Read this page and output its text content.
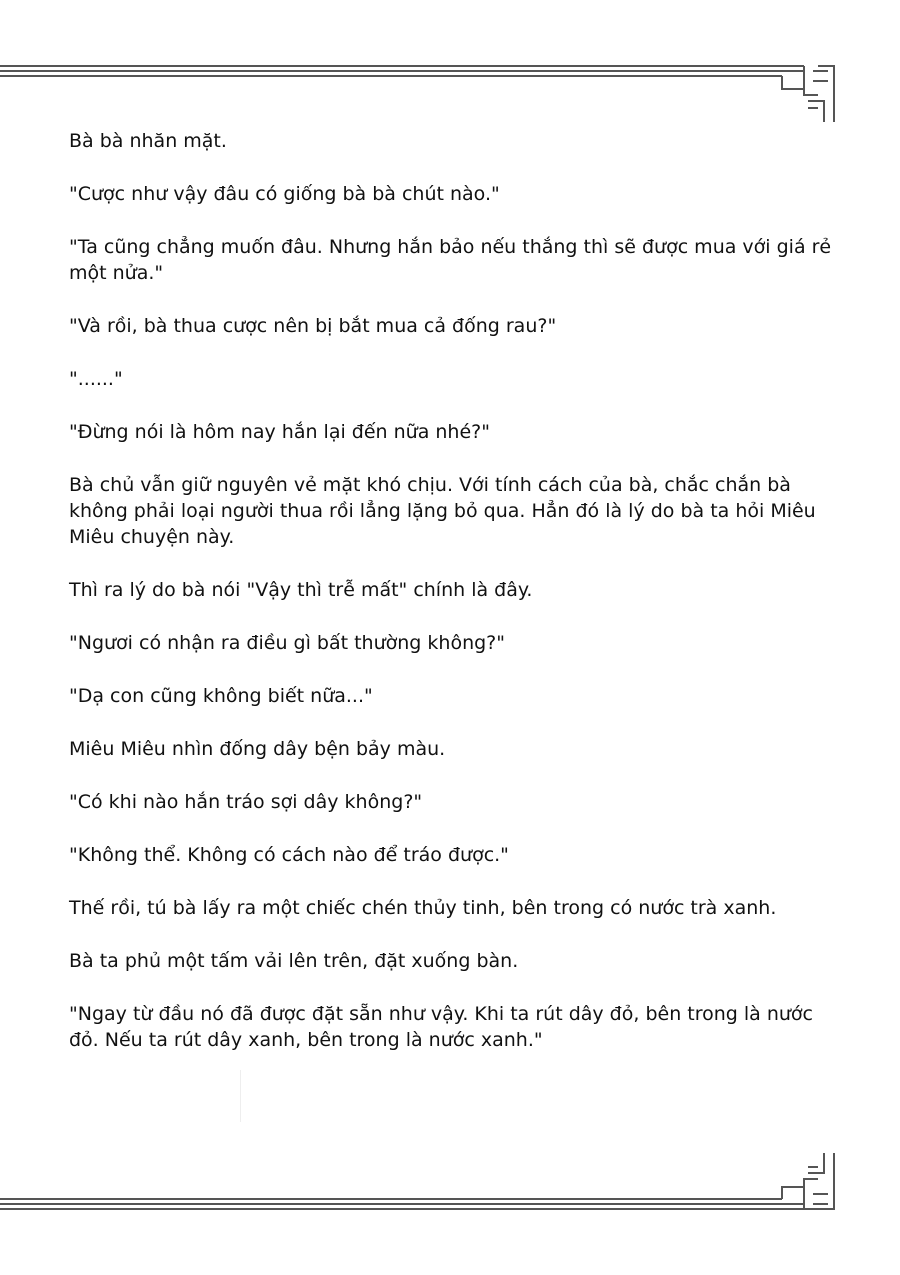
Bà bà nhăn mặt.

"Cược như vậy đâu có giống bà bà chút nào."

"Ta cũng chẳng muốn đâu. Nhưng hắn bảo nếu thắng thì sẽ được mua với giá rẻ một nửa."

"Và rồi, bà thua cược nên bị bắt mua cả đống rau?"

"......"

"Đừng nói là hôm nay hắn lại đến nữa nhé?"

Bà chủ vẫn giữ nguyên vẻ mặt khó chịu. Với tính cách của bà, chắc chắn bà không phải loại người thua rồi lẳng lặng bỏ qua. Hẳn đó là lý do bà ta hỏi Miêu Miêu chuyện này.

Thì ra lý do bà nói "Vậy thì trễ mất" chính là đây.

"Ngươi có nhận ra điều gì bất thường không?"

"Dạ con cũng không biết nữa..."

Miêu Miêu nhìn đống dây bện bảy màu.

"Có khi nào hắn tráo sợi dây không?"

"Không thể. Không có cách nào để tráo được."

Thế rồi, tú bà lấy ra một chiếc chén thủy tinh, bên trong có nước trà xanh.

Bà ta phủ một tấm vải lên trên, đặt xuống bàn.

"Ngay từ đầu nó đã được đặt sẵn như vậy. Khi ta rút dây đỏ, bên trong là nước đỏ. Nếu ta rút dây xanh, bên trong là nước xanh."
